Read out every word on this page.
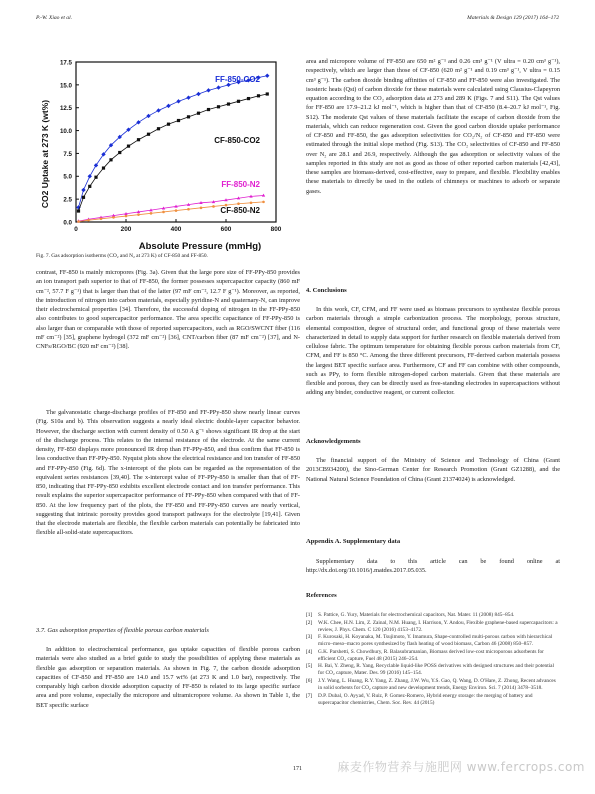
P.-W. Xiao et al.	Materials & Design 129 (2017) 164–172
CO2 Uptake at 273 K (wt%)
Absolute Pressure (mmHg)
0.0
2.5
5.0
7.5
10.0
12.5
15.0
17.5
0	200	400	600	800
FF-850-CO2
CF-850-CO2
FF-850-N2
CF-850-N2
Fig. 7. Gas adsorption isotherms (CO₂ and N₂ at 273 K) of CF-850 and FF-850.
contrast, FF-850 is mainly micropores (Fig. 3a). Given that the large pore size of FF-PPy-850 provides an ion transport path superior to that of FF-850, the former possesses supercapacitor capacity (860 mF cm⁻², 57.7 F g⁻¹) that is larger than that of the latter (97 mF cm⁻², 12.7 F g⁻¹). Moreover, as reported, the introduction of nitrogen into carbon materials, especially pyridine-N and quaternary-N, can improve their electrochemical properties [34]. Therefore, the successful doping of nitrogen in the FF-PPy-850 also contributes to good supercapacitor performance. The area specific capacitance of FF-PPy-850 is also larger than or comparable with those of reported supercapacitors, such as RGO/SWCNT fiber (116 mF cm⁻²) [35], graphene hydrogel (372 mF cm⁻²) [36], CNT/carbon fiber (87 mF cm⁻²) [37], and N-CNFs/RGO/BC (920 mF cm⁻²) [38].
The galvanostatic charge-discharge profiles of FF-850 and FF-PPy-850 show nearly linear curves (Fig. S10a and b). This observation suggests a nearly ideal electric double-layer capacitor behavior. However, the discharge section with current density of 0.50 A g⁻¹ shows significant IR drop at the start of the discharge process. This relates to the internal resistance of the electrode. At the same current density, FF-850 displays more pronounced IR drop than FF-PPy-850, and thus confirm that FF-850 is less conductive than FF-PPy-850. Nyquist plots show the electrical resistance and ion transfer of FF-850 and FF-PPy-850 (Fig. 6d). The x-intercept of the plots can be regarded as the representation of the equivalent series resistances [39,40]. The x-intercept value of FF-PPy-850 is smaller than that of FF-850, indicating that FF-PPy-850 exhibits excellent electrode contact and ion transfer performance. This result explains the superior supercapacitor performance of FF-PPy-850 when compared with that of FF-850. At the low frequency part of the plots, the FF-850 and FF-PPy-850 curves are nearly vertical, suggesting that intrinsic porosity provides good transport pathways for the electrolyte [19,41]. Given that the electrode materials are flexible, the flexible carbon materials can potentially be fabricated into flexible all-solid-state supercapacitors.
3.7. Gas adsorption properties of flexible porous carbon materials
In addition to electrochemical performance, gas uptake capacities of flexible porous carbon materials were also studied as a brief guide to study the possibilities of applying these materials as flexible gas adsorption or separation materials. As shown in Fig. 7, the carbon dioxide adsorption capacities of CF-850 and FF-850 are 14.0 and 15.7 wt% (at 273 K and 1.0 bar), respectively. The comparably high carbon dioxide adsorption capacity of FF-850 is related to its large specific surface area and pore volume, especially the micropore and ultramicropore volume. As shown in Table 1, the BET specific surface
area and micropore volume of FF-850 are 650 m² g⁻¹ and 0.26 cm³ g⁻¹ (V ultra = 0.20 cm³ g⁻¹), respectively, which are larger than those of CF-850 (620 m² g⁻¹ and 0.19 cm³ g⁻¹, V ultra = 0.15 cm³ g⁻¹). The carbon dioxide binding affinities of CF-850 and FF-850 were also investigated. The isosteric heats (Qst) of carbon dioxide for these materials were calculated using Clausius-Clapeyron equation according to the CO₂ adsorption data at 273 and 289 K (Figs. 7 and S11). The Qst values for FF-850 are 17.9–21.2 kJ mol⁻¹, which is higher than that of CF-850 (8.4–20.7 kJ mol⁻¹, Fig. S12). The moderate Qst values of these materials facilitate the escape of carbon dioxide from the materials, which can reduce regeneration cost. Given the good carbon dioxide uptake performance of CF-850 and FF-850, the gas adsorption selectivities for CO₂/N₂ of CF-850 and FF-850 were estimated through the initial slope method (Fig. S13). The CO₂ selectivities of CF-850 and FF-850 over N₂ are 28.1 and 26.9, respectively. Although the gas adsorption or selectivity values of the samples reported in this study are not as good as those of other reported carbon materials [42,43], these samples are biomass-derived, cost-effective, easy to prepare, and flexible. Flexibility enables these materials to directly be used in the outlets of chimneys or machines to adsorb or separate gases.
4. Conclusions
In this work, CF, CFM, and FF were used as biomass precursors to synthesize flexible porous carbon materials through a simple carbonization process. The morphology, porous structure, elemental composition, degree of structural order, and functional group of these materials were characterized in detail to supply data support for further research on flexible materials derived from cellulose fabric. The optimum temperature for obtaining flexible porous carbon materials from CF, CFM, and FF is 850 °C. Among the three different precursors, FF-derived carbon materials possess the largest BET specific surface area. Furthermore, CF and FF can combine with other compounds, such as PPy, to form flexible nitrogen-doped carbon materials. Given that these materials are flexible and porous, they can be directly used as free-standing electrodes in supercapacitors without adding any binder, conductive reagent, or current collector.
Acknowledgements
The financial support of the Ministry of Science and Technology of China (Grant 2013CB934200), the Sino-German Center for Research Promotion (Grant GZ1288), and the National Natural Science Foundation of China (Grant 21374024) is acknowledged.
Appendix A. Supplementary data
Supplementary data to this article can be found online at http://dx.doi.org/10.1016/j.matdes.2017.05.035.
References
[1]	S. Pattice, G. Yury, Materials for electrochemical capacitors, Nat. Mater. 11 (2008) 845–854.
[2]	W.K. Chee, H.N. Lim, Z. Zainal, N.M. Huang, I. Harrison, Y. Andou, Flexible graphene-based supercapacitors: a review, J. Phys. Chem. C 120 (2016) 4153–4172.
[3]	F. Kurosaki, H. Koyanaka, M. Tsujimoto, Y. Imamura, Shape-controlled multi-porous carbon with hierarchical micro–meso–macro pores synthesized by flash heating of wood biomass, Carbon 46 (2008) 850–857.
[4]	G.K. Parshetti, S. Chowdhury, R. Balasubramanian, Biomass derived low-cost microporous adsorbents for efficient CO₂ capture, Fuel 48 (2015) 246–254.
[5]	H. Bai, Y. Zheng, R. Yang, Recyclable liquid-like POSS derivatives with designed structures and their potential for CO₂ capture, Mater. Des. 99 (2016) 145–154.
[6]	J.Y. Wang, L. Huang, R.Y. Yang, Z. Zhang, J.W. Wu, Y.S. Gao, Q. Wang, D. O'Hare, Z. Zhong, Recent advances in solid sorbents for CO₂ capture and new development trends, Energy Environ. Sci. 7 (2014) 3478–3518.
[7]	D.P. Dubal, O. Ayyad, V. Ruiz, P. Gomez-Romero, Hybrid energy storage: the merging of battery and supercapacitor chemistries, Chem. Soc. Rev. 44 (2015)
171	麻麦作物营养与施肥网 www.fercrops.com
